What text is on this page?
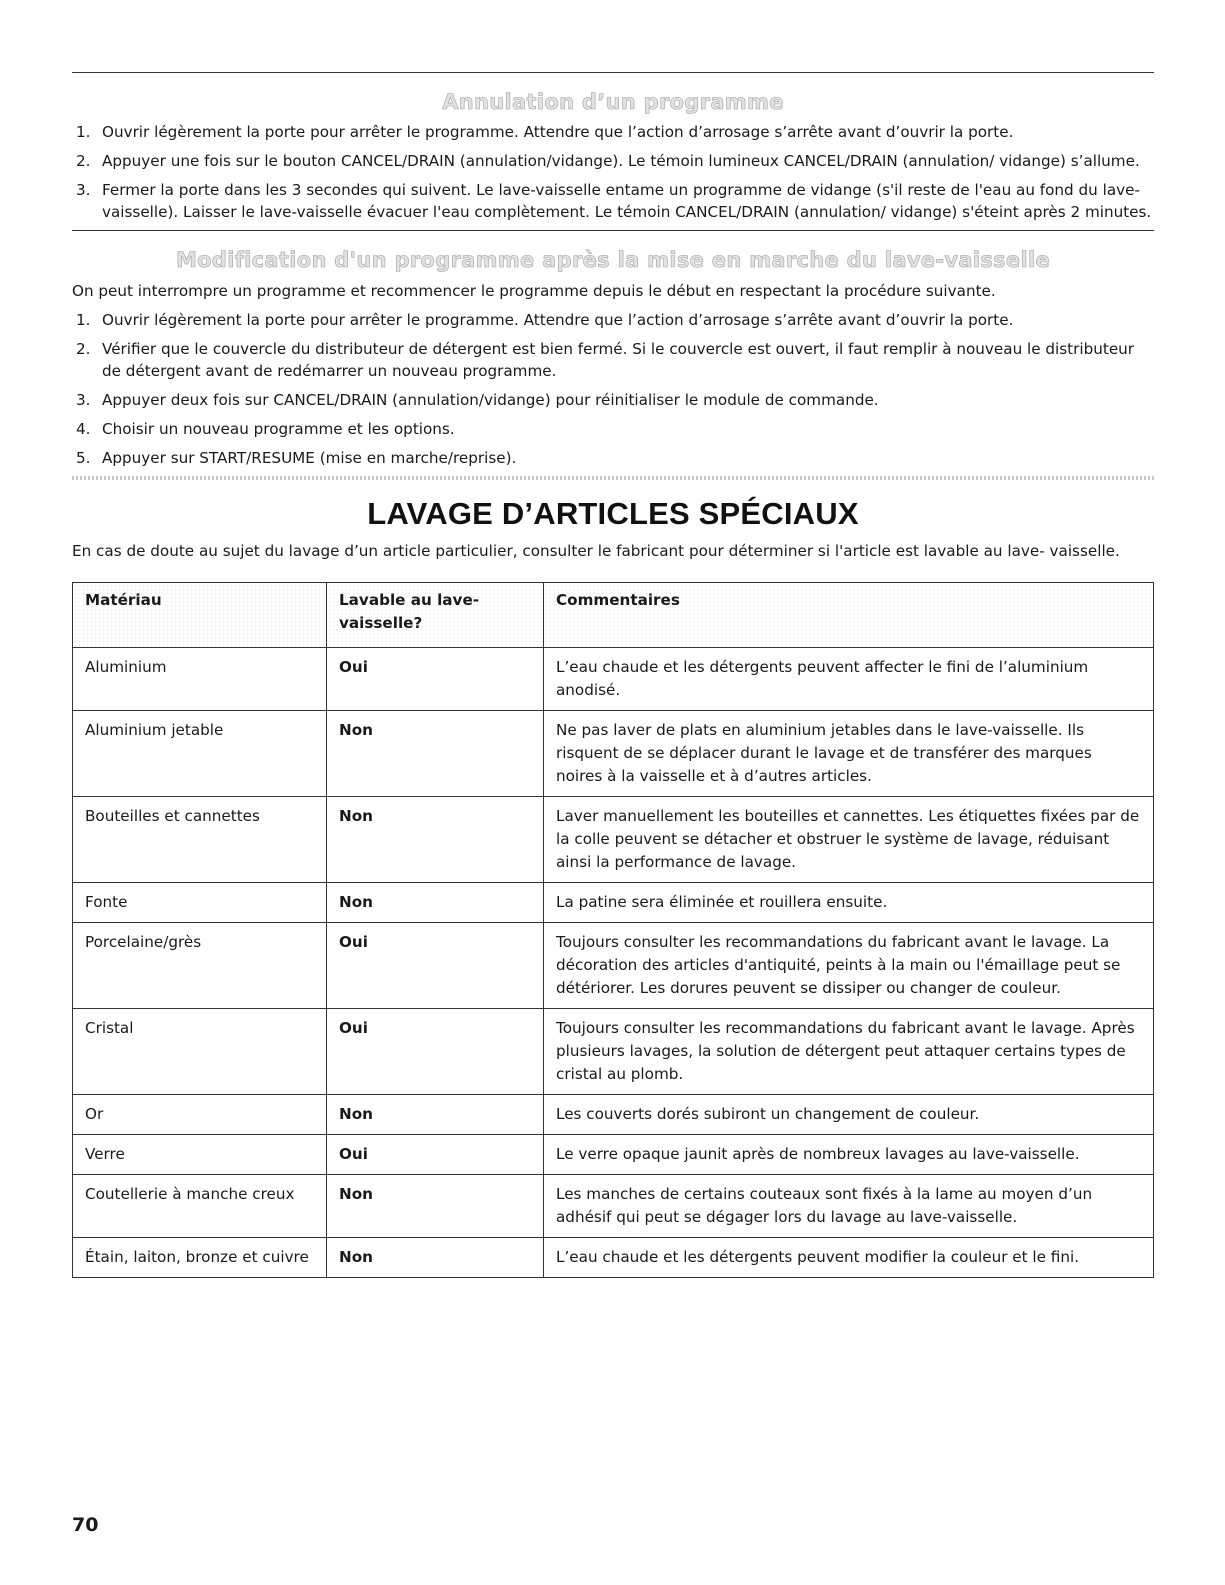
Annulation d’un programme
1. Ouvrir légèrement la porte pour arrêter le programme. Attendre que l’action d’arrosage s’arrête avant d’ouvrir la porte.
2. Appuyer une fois sur le bouton CANCEL/DRAIN (annulation/vidange). Le témoin lumineux CANCEL/DRAIN (annulation/ vidange) s’allume.
3. Fermer la porte dans les 3 secondes qui suivent. Le lave-vaisselle entame un programme de vidange (s'il reste de l'eau au fond du lave-vaisselle). Laisser le lave-vaisselle évacuer l'eau complètement. Le témoin CANCEL/DRAIN (annulation/ vidange) s'éteint après 2 minutes.
Modification d'un programme après la mise en marche du lave-vaisselle

On peut interrompre un programme et recommencer le programme depuis le début en respectant la procédure suivante.

1. Ouvrir légèrement la porte pour arrêter le programme. Attendre que l’action d’arrosage s’arrête avant d’ouvrir la porte.
2. Vérifier que le couvercle du distributeur de détergent est bien fermé. Si le couvercle est ouvert, il faut remplir à nouveau le distributeur de détergent avant de redémarrer un nouveau programme.
3. Appuyer deux fois sur CANCEL/DRAIN (annulation/vidange) pour réinitialiser le module de commande.
4. Choisir un nouveau programme et les options.
5. Appuyer sur START/RESUME (mise en marche/reprise).
LAVAGE D’ARTICLES SPÉCIAUX

En cas de doute au sujet du lavage d’un article particulier, consulter le fabricant pour déterminer si l'article est lavable au lave- vaisselle.

Matériau	Lavable au lave- vaisselle?	Commentaires
Aluminium	Oui	L’eau chaude et les détergents peuvent affecter le fini de l’aluminium anodisé.
Aluminium jetable	Non	Ne pas laver de plats en aluminium jetables dans le lave-vaisselle. Ils risquent de se déplacer durant le lavage et de transférer des marques noires à la vaisselle et à d’autres articles.
Bouteilles et cannettes	Non	Laver manuellement les bouteilles et cannettes. Les étiquettes fixées par de la colle peuvent se détacher et obstruer le système de lavage, réduisant ainsi la performance de lavage.
Fonte	Non	La patine sera éliminée et rouillera ensuite.
Porcelaine/grès	Oui	Toujours consulter les recommandations du fabricant avant le lavage. La décoration des articles d'antiquité, peints à la main ou l'émaillage peut se détériorer. Les dorures peuvent se dissiper ou changer de couleur.
Cristal	Oui	Toujours consulter les recommandations du fabricant avant le lavage. Après plusieurs lavages, la solution de détergent peut attaquer certains types de cristal au plomb.
Or	Non	Les couverts dorés subiront un changement de couleur.
Verre	Oui	Le verre opaque jaunit après de nombreux lavages au lave-vaisselle.
Coutellerie à manche creux	Non	Les manches de certains couteaux sont fixés à la lame au moyen d’un adhésif qui peut se dégager lors du lavage au lave-vaisselle.
Étain, laiton, bronze et cuivre	Non	L’eau chaude et les détergents peuvent modifier la couleur et le fini.
70
